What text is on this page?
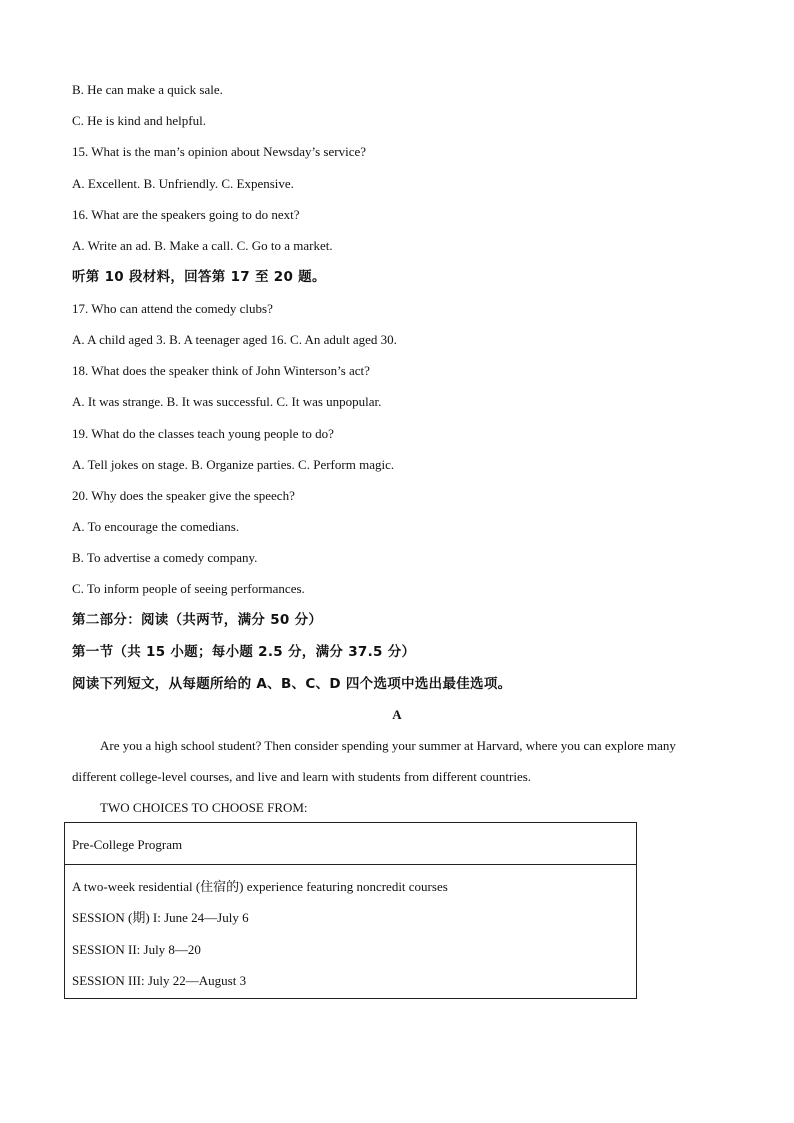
B. He can make a quick sale.
C. He is kind and helpful.
15. What is the man’s opinion about Newsday’s service?
A. Excellent. B. Unfriendly. C. Expensive.
16. What are the speakers going to do next?
A. Write an ad. B. Make a call. C. Go to a market.
听第 10 段材料，回答第 17 至 20 题。
17. Who can attend the comedy clubs?
A. A child aged 3. B. A teenager aged 16. C. An adult aged 30.
18. What does the speaker think of John Winterson’s act?
A. It was strange. B. It was successful. C. It was unpopular.
19. What do the classes teach young people to do?
A. Tell jokes on stage. B. Organize parties. C. Perform magic.
20. Why does the speaker give the speech?
A. To encourage the comedians.
B. To advertise a comedy company.
C. To inform people of seeing performances.
第二部分：阅读（共两节，满分 50 分）
第一节（共 15 小题；每小题 2.5 分，满分 37.5 分）
阅读下列短文，从每题所给的 A、B、C、D 四个选项中选出最佳选项。
A
Are you a high school student? Then consider spending your summer at Harvard, where you can explore many
different college-level courses, and live and learn with students from different countries.
TWO CHOICES TO CHOOSE FROM:
Pre-College Program
A two-week residential (住宿的) experience featuring noncredit courses
SESSION (期) I: June 24—July 6
SESSION II: July 8—20
SESSION III: July 22—August 3
